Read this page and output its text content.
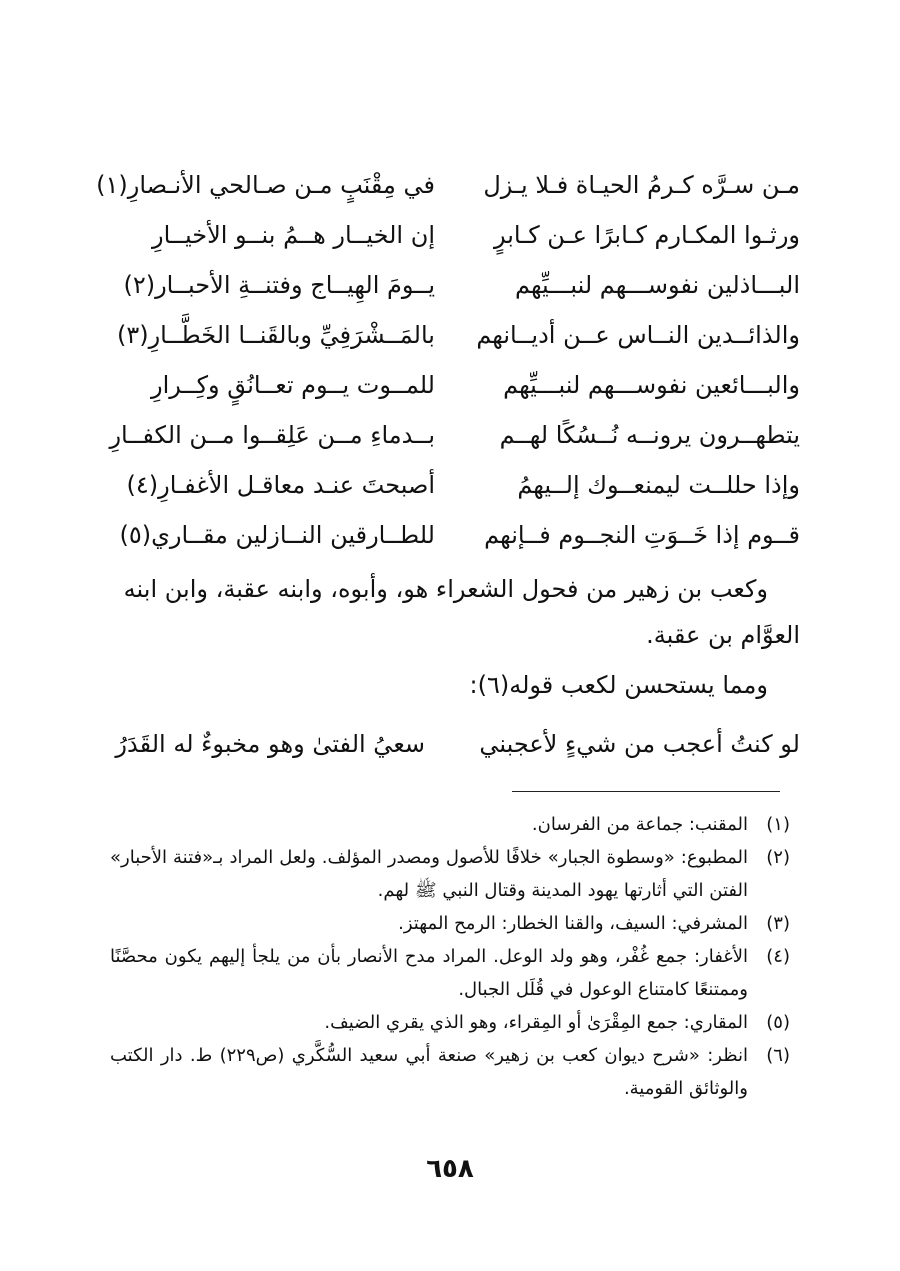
مـن سـرَّه كـرمُ الحيـاة فـلا يـزل
في مِقْنَبٍ مـن صـالحي الأنـصارِ(١)
ورثـوا المكـارم كـابرًا عـن كـابرٍ
إن الخيــار هــمُ بنــو الأخيــارِ
البـــاذلين نفوســـهم لنبـــيِّهم
يــومَ الهِيــاج وفتنــةِ الأحبــار(٢)
والذائــدين النــاس عــن أديــانهم
بالمَــشْرَفِيِّ وبالقَنــا الخَطَّــارِ(٣)
والبـــائعين نفوســـهم لنبـــيِّهم
للمــوت يــوم تعــانُقٍ وكِــرارِ
يتطهــرون يرونــه نُــسُكًا لهــم
بــدماءِ مــن عَلِقــوا مــن الكفــارِ
وإذا حللــت ليمنعــوك إلــيهمُ
أصبحتَ عنـد معاقـل الأغفـارِ(٤)
قــوم إذا خَــوَتِ النجــوم فــإنهم
للطــارقين النــازلين مقــاري(٥)
وكعب بن زهير من فحول الشعراء هو، وأبوه، وابنه عقبة، وابن ابنه العوَّام بن عقبة.
ومما يستحسن لكعب قوله(٦):
لو كنتُ أعجب من شيءٍ لأعجبني
سعيُ الفتىٰ وهو مخبوءٌ له القَدَرُ
(١)
المقنب: جماعة من الفرسان.
(٢)
المطبوع: «وسطوة الجبار» خلافًا للأصول ومصدر المؤلف. ولعل المراد بـ«فتنة الأحبار» الفتن التي أثارتها يهود المدينة وقتال النبي ﷺ لهم.
(٣)
المشرفي: السيف، والقنا الخطار: الرمح المهتز.
(٤)
الأغفار: جمع غُفْر، وهو ولد الوعل. المراد مدح الأنصار بأن من يلجأ إليهم يكون محصَّنًا وممتنعًا كامتناع الوعول في قُلَل الجبال.
(٥)
المقاري: جمع المِقْرَىٰ أو المِقراء، وهو الذي يقري الضيف.
(٦)
انظر: «شرح ديوان كعب بن زهير» صنعة أبي سعيد السُّكَّري (ص٢٢٩) ط. دار الكتب والوثائق القومية.
٦٥٨
